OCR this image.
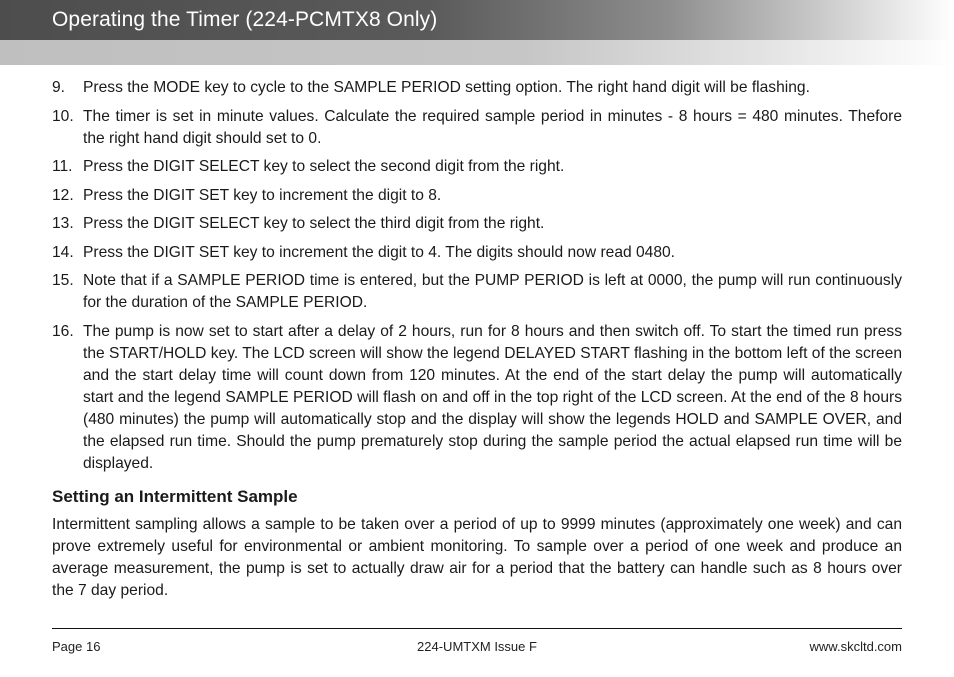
Operating the Timer (224-PCMTX8 Only)
9. Press the MODE key to cycle to the SAMPLE PERIOD setting option. The right hand digit will be flashing.
10. The timer is set in minute values. Calculate the required sample period in minutes - 8 hours = 480 minutes. Thefore the right hand digit should set to 0.
11. Press the DIGIT SELECT key to select the second digit from the right.
12. Press the DIGIT SET key to increment the digit to 8.
13. Press the DIGIT SELECT key to select the third digit from the right.
14. Press the DIGIT SET key to increment the digit to 4. The digits should now read 0480.
15. Note that if a SAMPLE PERIOD time is entered, but the PUMP PERIOD is left at 0000, the pump will run continuously for the duration of the SAMPLE PERIOD.
16. The pump is now set to start after a delay of 2 hours, run for 8 hours and then switch off. To start the timed run press the START/HOLD key. The LCD screen will show the legend DELAYED START flashing in the bottom left of the screen and the start delay time will count down from 120 minutes. At the end of the start delay the pump will automatically start and the legend SAMPLE PERIOD will flash on and off in the top right of the LCD screen. At the end of the 8 hours (480 minutes) the pump will automatically stop and the display will show the legends HOLD and SAMPLE OVER, and the elapsed run time. Should the pump prematurely stop during the sample period the actual elapsed run time will be displayed.
Setting an Intermittent Sample

Intermittent sampling allows a sample to be taken over a period of up to 9999 minutes (approximately one week) and can prove extremely useful for environmental or ambient monitoring. To sample over a period of one week and produce an average measurement, the pump is set to actually draw air for a period that the battery can handle such as 8 hours over the 7 day period.

Page 16	224-UMTXM Issue F	www.skcltd.com
